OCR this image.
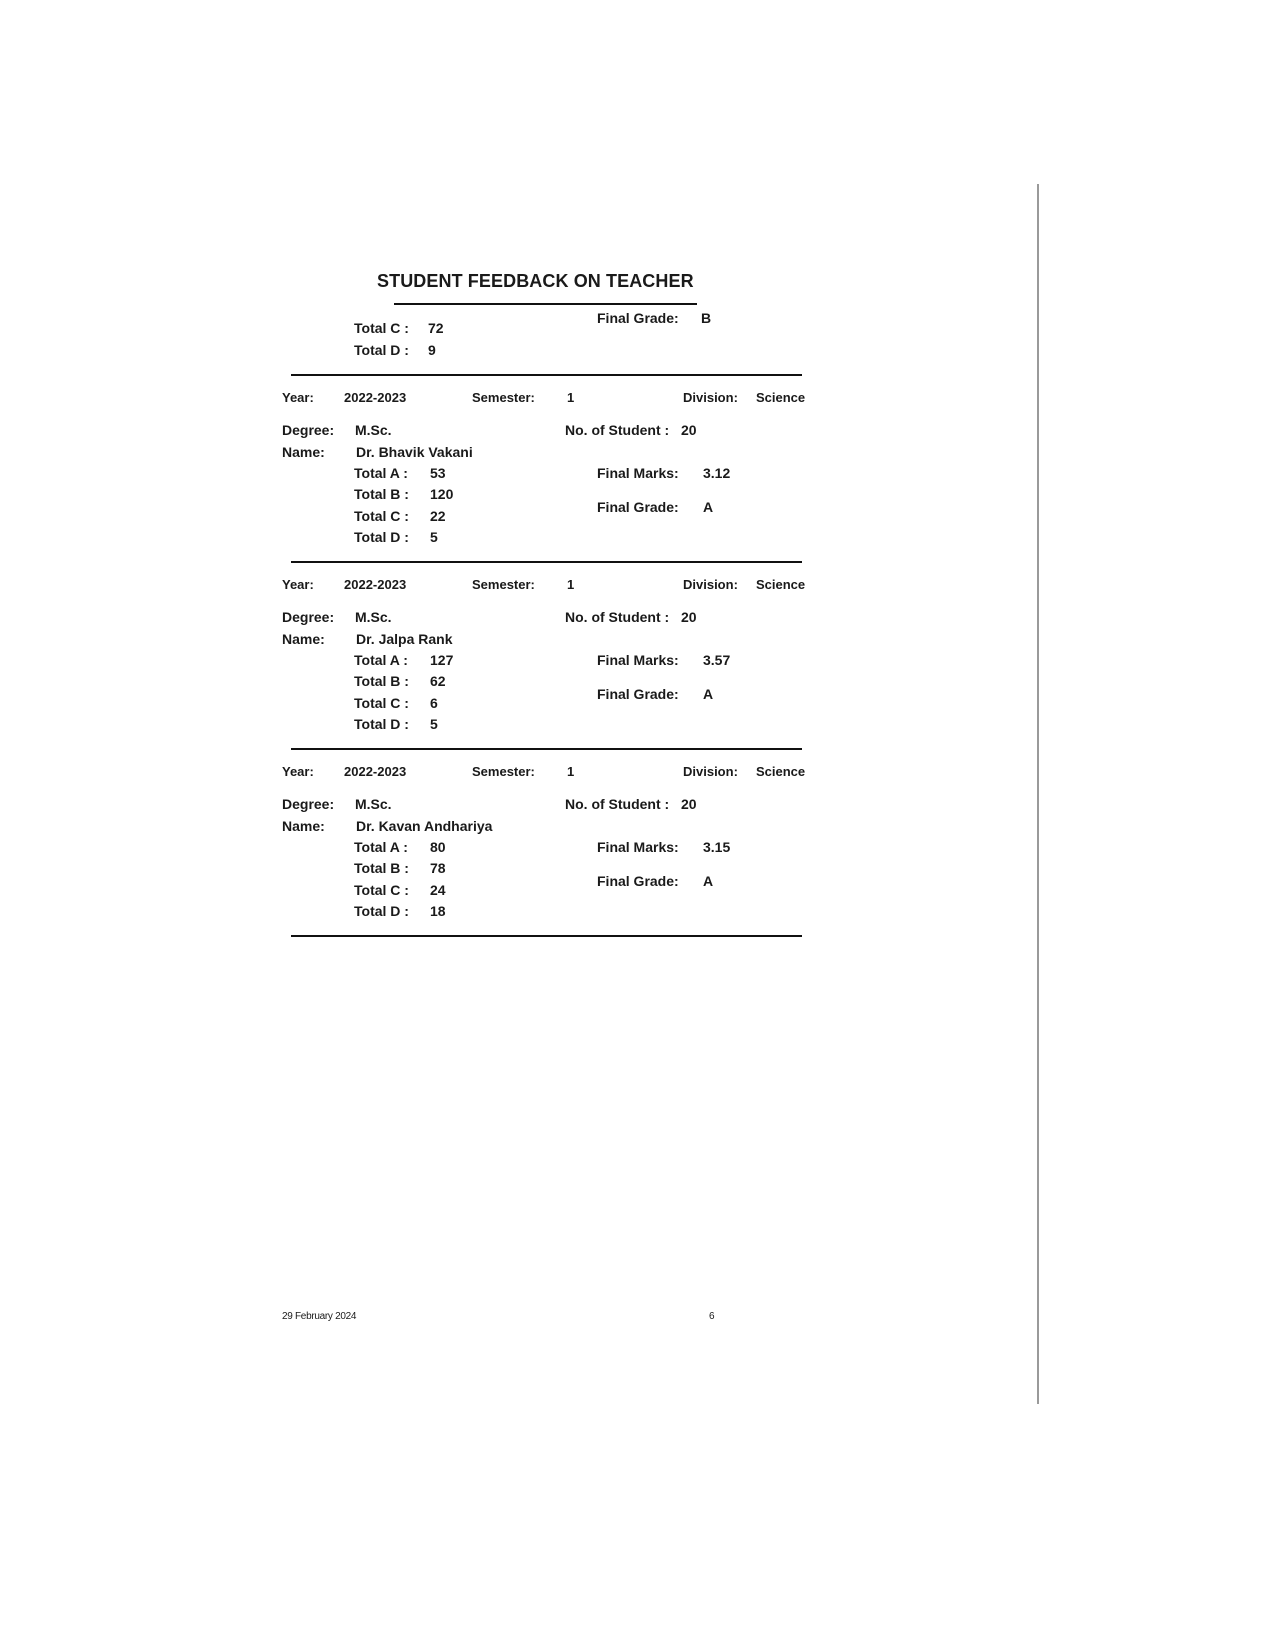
STUDENT FEEDBACK ON TEACHER
Total C : 72
Total D : 9
Final Grade: B
Year: 2022-2023	Semester: 1	Division: Science
Degree: M.Sc.	No. of Student : 20
Name: Dr. Bhavik Vakani
Total A : 53
Total B : 120
Total C : 22
Total D : 5
Final Marks: 3.12
Final Grade: A
Year: 2022-2023	Semester: 1	Division: Science
Degree: M.Sc.	No. of Student : 20
Name: Dr. Jalpa Rank
Total A : 127
Total B : 62
Total C : 6
Total D : 5
Final Marks: 3.57
Final Grade: A
Year: 2022-2023	Semester: 1	Division: Science
Degree: M.Sc.	No. of Student : 20
Name: Dr. Kavan Andhariya
Total A : 80
Total B : 78
Total C : 24
Total D : 18
Final Marks: 3.15
Final Grade: A
29 February 2024	6
